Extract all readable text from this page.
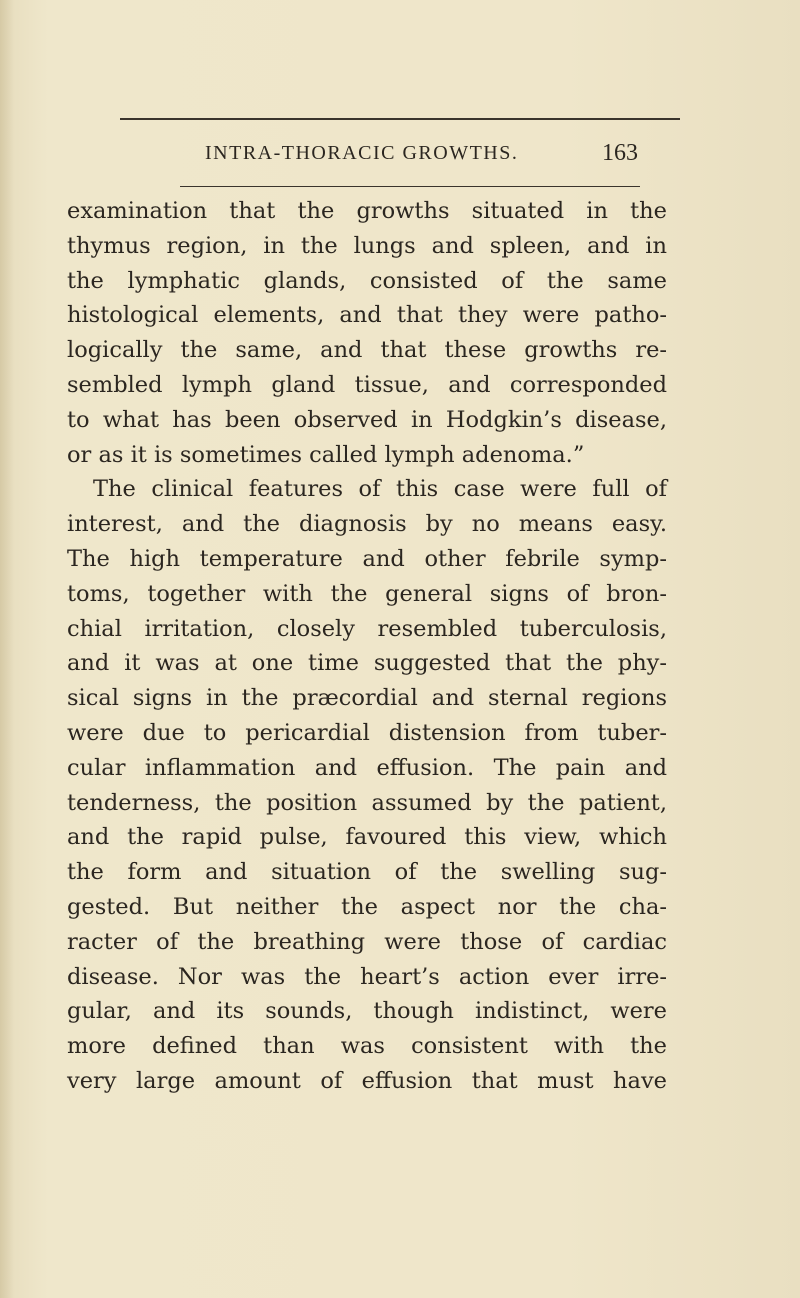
INTRA-THORACIC GROWTHS.	163
examination that the growths situated in the
thymus region, in the lungs and spleen, and in
the lymphatic glands, consisted of the same
histological elements, and that they were patho-
logically the same, and that these growths re-
sembled lymph gland tissue, and corresponded
to what has been observed in Hodgkin’s disease,
or as it is sometimes called lymph adenoma.”
The clinical features of this case were full of
interest, and the diagnosis by no means easy.
The high temperature and other febrile symp-
toms, together with the general signs of bron-
chial irritation, closely resembled tuberculosis,
and it was at one time suggested that the phy-
sical signs in the præcordial and sternal regions
were due to pericardial distension from tuber-
cular inflammation and effusion. The pain and
tenderness, the position assumed by the patient,
and the rapid pulse, favoured this view, which
the form and situation of the swelling sug-
gested. But neither the aspect nor the cha-
racter of the breathing were those of cardiac
disease. Nor was the heart’s action ever irre-
gular, and its sounds, though indistinct, were
more defined than was consistent with the
very large amount of effusion that must have
